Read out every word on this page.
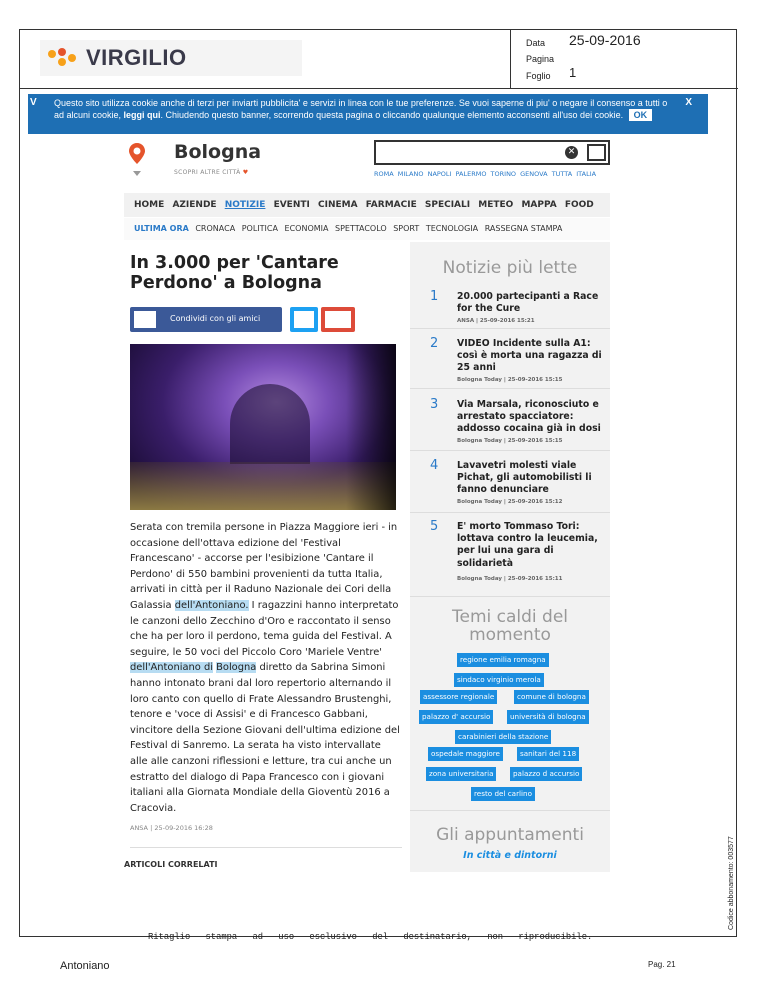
Data 25-09-2016
Pagina
Foglio 1
VIRGILIO
V Questo sito utilizza cookie anche di terzi per inviarti pubblicita' e servizi in linea con le tue preferenze. Se vuoi saperne di piu' o negare il consenso a tutti o ad alcuni cookie, leggi qui. Chiudendo questo banner, scorrendo questa pagina o cliccando qualunque elemento acconsenti all'uso dei cookie. OK
X
Bologna
SCOPRI ALTRE CITTÀ ♥
✕
ROMA MILANO NAPOLI PALERMO TORINO GENOVA TUTTA ITALIA
HOME AZIENDE NOTIZIE EVENTI CINEMA FARMACIE SPECIALI METEO MAPPA FOOD
ULTIMA ORA CRONACA POLITICA ECONOMIA SPETTACOLO SPORT TECNOLOGIA RASSEGNA STAMPA
In 3.000 per 'Cantare Perdono' a Bologna
Condividi con gli amici

Serata con tremila persone in Piazza Maggiore ieri - in occasione dell'ottava edizione del 'Festival Francescano' - accorse per l'esibizione 'Cantare il Perdono' di 550 bambini provenienti da tutta Italia, arrivati in città per il Raduno Nazionale dei Cori della Galassia dell'Antoniano. I ragazzini hanno interpretato le canzoni dello Zecchino d'Oro e raccontato il senso che ha per loro il perdono, tema guida del Festival. A seguire, le 50 voci del Piccolo Coro 'Mariele Ventre' dell'Antoniano di Bologna diretto da Sabrina Simoni hanno intonato brani dal loro repertorio alternando il loro canto con quello di Frate Alessandro Brustenghi, tenore e 'voce di Assisi' e di Francesco Gabbani, vincitore della Sezione Giovani dell'ultima edizione del Festival di Sanremo. La serata ha visto intervallate alle alle canzoni riflessioni e letture, tra cui anche un estratto del dialogo di Papa Francesco con i giovani italiani alla Giornata Mondiale della Gioventù 2016 a Cracovia.

ANSA | 25-09-2016 16:28
ARTICOLI CORRELATI
Notizie più lette
1 20.000 partecipanti a Race for the Cure
ANSA | 25-09-2016 15:21
2 VIDEO Incidente sulla A1: così è morta una ragazza di 25 anni
Bologna Today | 25-09-2016 15:15
3 Via Marsala, riconosciuto e arrestato spacciatore: addosso cocaina già in dosi
Bologna Today | 25-09-2016 15:15
4 Lavavetri molesti viale Pichat, gli automobilisti li fanno denunciare
Bologna Today | 25-09-2016 15:12
5 E' morto Tommaso Tori: lottava contro la leucemia, per lui una gara di solidarietà
Bologna Today | 25-09-2016 15:11
Temi caldi del
momento
regione emilia romagna
sindaco virginio merola
assessore regionale	comune di bologna
palazzo d' accursio	università di bologna
carabinieri della stazione
ospedale maggiore	sanitari del 118
zona universitaria	palazzo d accursio
resto del carlino
Gli appuntamenti
In città e dintorni
Ritaglio stampa ad uso esclusivo del destinatario, non riproducibile.
Antoniano	Pag. 21
Codice abbonamento: 003577
